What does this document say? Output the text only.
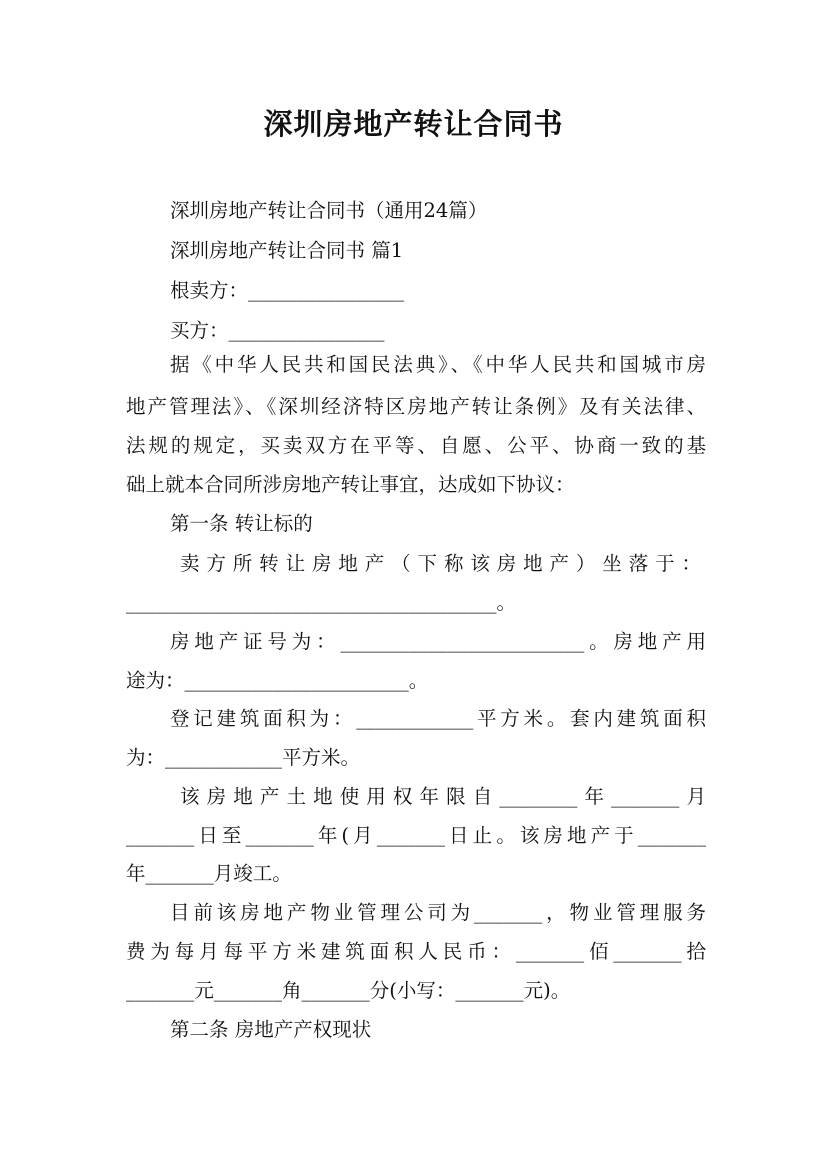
深圳房地产转让合同书

深圳房地产转让合同书（通用24篇）

深圳房地产转让合同书 篇1

根卖方：________________

买方：________________

据《中华人民共和国民法典》、《中华人民共和国城市房

地产管理法》、《深圳经济特区房地产转让条例》及有关法律、

法规的规定，买卖双方在平等、自愿、公平、协商一致的基

础上就本合同所涉房地产转让事宜，达成如下协议：

第一条 转让标的

卖方所转让房地产（下称该房地产）坐落于：

______________________________________。

房地产证号为：_________________________。房地产用

途为：_______________________。

登记建筑面积为：____________平方米。套内建筑面积

为：____________平方米。

该房地产土地使用权年限自________年_______月

_______日至_______年(月_______日止。该房地产于_______

年_______月竣工。

目前该房地产物业管理公司为_______，物业管理服务

费为每月每平方米建筑面积人民币：_______佰_______拾

_______元_______角_______分(小写：_______元)。

第二条 房地产产权现状
